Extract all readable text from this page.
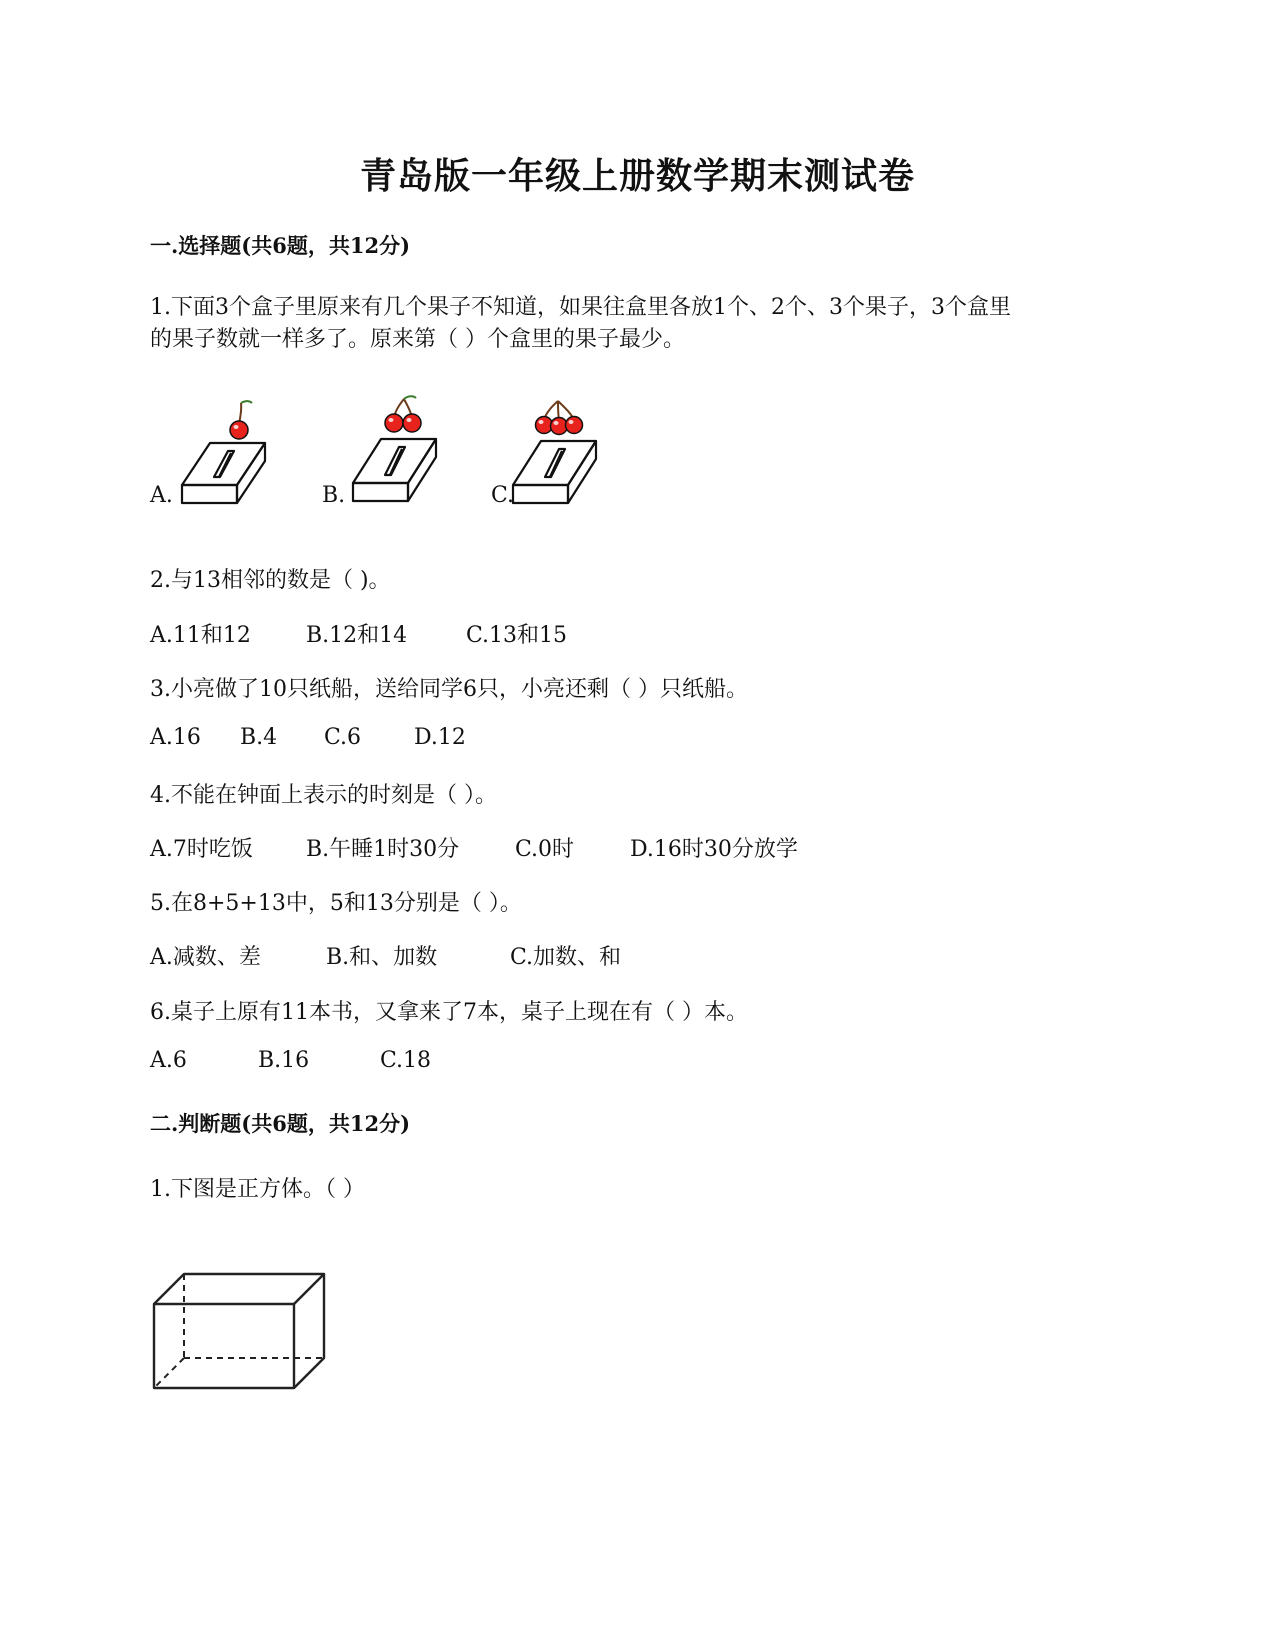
青岛版一年级上册数学期末测试卷
一.选择题(共6题，共12分)
1.下面3个盒子里原来有几个果子不知道，如果往盒里各放1个、2个、3个果子，3个盒里
的果子数就一样多了。原来第（ ）个盒里的果子最少。
A.	B.	C.
2.与13相邻的数是（ )。
A.11和12	B.12和14	C.13和15
3.小亮做了10只纸船，送给同学6只，小亮还剩（ ）只纸船。
A.16 B.4 C.6 D.12
4.不能在钟面上表示的时刻是（ ）。
A.7时吃饭 B.午睡1时30分	C.0时	D.16时30分放学
5.在8+5+13中，5和13分别是（ ）。
A.减数、差	B.和、加数	C.加数、和
6.桌子上原有11本书，又拿来了7本，桌子上现在有（ ）本。
A.6	B.16	C.18
二.判断题(共6题，共12分)
1.下图是正方体。（ ）
